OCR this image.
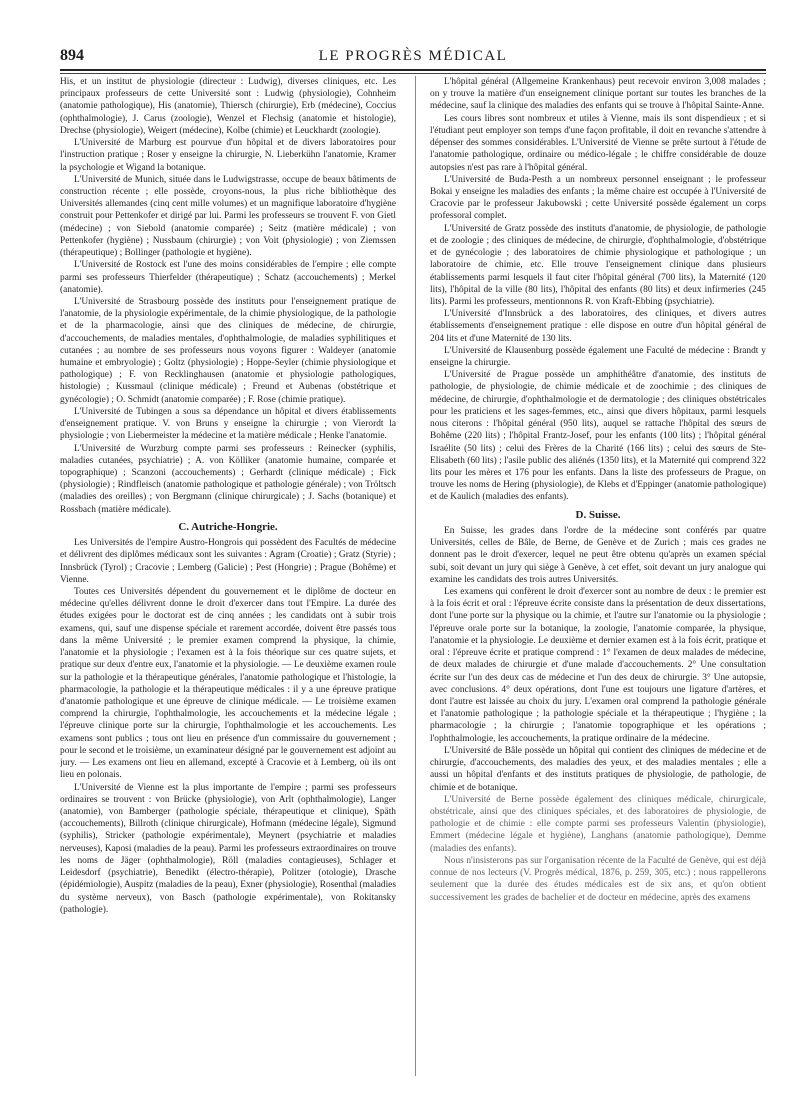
894	LE PROGRÈS MÉDICAL

His, et un institut de physiologie (directeur : Ludwig), diverses cliniques, etc. Les principaux professeurs de cette Université sont : Ludwig (physiologie), Cohnheim (anatomie pathologique), His (anatomie), Thiersch (chirurgie), Erb (médecine), Coccius (ophthalmologie), J. Carus (zoologie), Wenzel et Flechsig (anatomie et histologie), Drechse (physiologie), Weigert (médecine), Kolbe (chimie) et Leuckhardt (zoologie).

L'Université de Marburg est pourvue d'un hôpital et de divers laboratoires pour l'instruction pratique ; Roser y enseigne la chirurgie, N. Lieberkühn l'anatomie, Kramer la psychologie et Wigand la botanique.

L'Université de Munich, située dans le Ludwigstrasse, occupe de beaux bâtiments de construction récente ; elle possède, croyons-nous, la plus riche bibliothèque des Universités allemandes (cinq cent mille volumes) et un magnifique laboratoire d'hygiène construit pour Pettenkofer et dirigé par lui. Parmi les professeurs se trouvent F. von Gietl (médecine) ; von Siebold (anatomie comparée) ; Seitz (matière médicale) ; von Pettenkofer (hygiène) ; Nussbaum (chirurgie) ; von Voit (physiologie) ; von Ziemssen (thérapeutique) ; Bollinger (pathologie et hygiène).

L'Université de Rostock est l'une des moins considérables de l'empire ; elle compte parmi ses professeurs Thierfelder (thérapeutique) ; Schatz (accouchements) ; Merkel (anatomie).

L'Université de Strasbourg possède des instituts pour l'enseignement pratique de l'anatomie, de la physiologie expérimentale, de la chimie physiologique, de la pathologie et de la pharmacologie, ainsi que des cliniques de médecine, de chirurgie, d'accouchements, de maladies mentales, d'ophthalmologie, de maladies syphilitiques et cutanées ; au nombre de ses professeurs nous voyons figurer : Waldeyer (anatomie humaine et embryologie) ; Goltz (physiologie) ; Hoppe-Seyler (chimie physiologique et pathologique) ; F. von Recklinghausen (anatomie et physiologie pathologiques, histologie) ; Kussmaul (clinique médicale) ; Freund et Aubenas (obstétrique et gynécologie) ; O. Schmidt (anatomie comparée) ; F. Rose (chimie pratique).

L'Université de Tubingen a sous sa dépendance un hôpital et divers établissements d'enseignement pratique. V. von Bruns y enseigne la chirurgie ; von Vierordt la physiologie ; von Liebermeister la médecine et la matière médicale ; Henke l'anatomie.

L'Université de Wurzburg compte parmi ses professeurs : Reinecker (syphilis, maladies cutanées, psychiatrie) ; A. von Kölliker (anatomie humaine, comparée et topographique) ; Scanzoni (accouchements) ; Gerhardt (clinique médicale) ; Fick (physiologie) ; Rindfleisch (anatomie pathologique et pathologie générale) ; von Tröltsch (maladies des oreilles) ; von Bergmann (clinique chirurgicale) ; J. Sachs (botanique) et Rossbach (matière médicale).

C. Autriche-Hongrie.

Les Universités de l'empire Austro-Hongrois qui possèdent des Facultés de médecine et délivrent des diplômes médicaux sont les suivantes : Agram (Croatie) ; Gratz (Styrie) ; Innsbrück (Tyrol) ; Cracovie ; Lemberg (Galicie) ; Pest (Hongrie) ; Prague (Bohême) et Vienne.

Toutes ces Universités dépendent du gouvernement et le diplôme de docteur en médecine qu'elles délivrent donne le droit d'exercer dans tout l'Empire. La durée des études exigées pour le doctorat est de cinq années ; les candidats ont à subir trois examens, qui, sauf une dispense spéciale et rarement accordée, doivent être passés tous dans la même Université ; le premier examen comprend la physique, la chimie, l'anatomie et la physiologie ; l'examen est à la fois théorique sur ces quatre sujets, et pratique sur deux d'entre eux, l'anatomie et la physiologie. — Le deuxième examen roule sur la pathologie et la thérapeutique générales, l'anatomie pathologique et l'histologie, la pharmacologie, la pathologie et la thérapeutique médicales : il y a une épreuve pratique d'anatomie pathologique et une épreuve de clinique médicale. — Le troisième examen comprend la chirurgie, l'ophthalmologie, les accouchements et la médecine légale ; l'épreuve clinique porte sur la chirurgie, l'ophthalmologie et les accouchements. Les examens sont publics ; tous ont lieu en présence d'un commissaire du gouvernement ; pour le second et le troisième, un examinateur désigné par le gouvernement est adjoint au jury. — Les examens ont lieu en allemand, excepté à Cracovie et à Lemberg, où ils ont lieu en polonais.

L'Université de Vienne est la plus importante de l'empire ; parmi ses professeurs ordinaires se trouvent : von Brücke (physiologie), von Arlt (ophthalmologie), Langer (anatomie), von Bamberger (pathologie spéciale, thérapeutique et clinique), Späth (accouchements), Billroth (clinique chirurgicale), Hofmann (médecine légale), Sigmund (syphilis), Stricker (pathologie expérimentale), Meynert (psychiatrie et maladies nerveuses), Kaposi (maladies de la peau). Parmi les professeurs extraordinaires on trouve les noms de Jäger (ophthalmologie), Röll (maladies contagieuses), Schlager et Leidesdorf (psychiatrie), Benedikt (électro-thérapie), Politzer (otologie), Drasche (épidémiologie), Auspitz (maladies de la peau), Exner (physiologie), Rosenthal (maladies du système nerveux), von Basch (pathologie expérimentale), von Rokitansky (pathologie).

L'hôpital général (Allgemeine Krankenhaus) peut recevoir environ 3,008 malades ; on y trouve la matière d'un enseignement clinique portant sur toutes les branches de la médecine, sauf la clinique des maladies des enfants qui se trouve à l'hôpital Sainte-Anne.

Les cours libres sont nombreux et utiles à Vienne, mais ils sont dispendieux ; et si l'étudiant peut employer son temps d'une façon profitable, il doit en revanche s'attendre à dépenser des sommes considérables. L'Université de Vienne se prête surtout à l'étude de l'anatomie pathologique, ordinaire ou médico-légale ; le chiffre considérable de douze autopsies n'est pas rare à l'hôpital général.

L'Université de Buda-Pesth a un nombreux personnel enseignant ; le professeur Bokai y enseigne les maladies des enfants ; la même chaire est occupée à l'Université de Cracovie par le professeur Jakubowski ; cette Université possède également un corps professoral complet.

L'Université de Gratz possède des instituts d'anatomie, de physiologie, de pathologie et de zoologie ; des cliniques de médecine, de chirurgie, d'ophthalmologie, d'obstétrique et de gynécologie ; des laboratoires de chimie physiologique et pathologique ; un laboratoire de chimie, etc. Elle trouve l'enseignement clinique dans plusieurs établissements parmi lesquels il faut citer l'hôpital général (700 lits), la Maternité (120 lits), l'hôpital de la ville (80 lits), l'hôpital des enfants (80 lits) et deux infirmeries (245 lits). Parmi les professeurs, mentionnons R. von Kraft-Ebbing (psychiatrie).

L'Université d'Innsbrück a des laboratoires, des cliniques, et divers autres établissements d'enseignement pratique : elle dispose en outre d'un hôpital général de 204 lits et d'une Maternité de 130 lits.

L'Université de Klausenburg possède également une Faculté de médecine : Brandt y enseigne la chirurgie.

L'Université de Prague possède un amphithéâtre d'anatomie, des instituts de pathologie, de physiologie, de chimie médicale et de zoochimie ; des cliniques de médecine, de chirurgie, d'ophthalmologie et de dermatologie ; des cliniques obstétricales pour les praticiens et les sages-femmes, etc., ainsi que divers hôpitaux, parmi lesquels nous citerons : l'hôpital général (950 lits), auquel se rattache l'hôpital des sœurs de Bohême (220 lits) ; l'hôpital Frantz-Josef, pour les enfants (100 lits) ; l'hôpital général Israélite (50 lits) ; celui des Frères de la Charité (166 lits) ; celui des sœurs de Ste-Elisabeth (60 lits) ; l'asile public des aliénés (1350 lits), et la Maternité qui comprend 322 lits pour les mères et 176 pour les enfants. Dans la liste des professeurs de Prague, on trouve les noms de Hering (physiologie), de Klebs et d'Eppinger (anatomie pathologique) et de Kaulich (maladies des enfants).

D. Suisse.

En Suisse, les grades dans l'ordre de la médecine sont conférés par quatre Universités, celles de Bâle, de Berne, de Genève et de Zurich ; mais ces grades ne donnent pas le droit d'exercer, lequel ne peut être obtenu qu'après un examen spécial subi, soit devant un jury qui siège à Genève, à cet effet, soit devant un jury analogue qui examine les candidats des trois autres Universités.

Les examens qui confèrent le droit d'exercer sont au nombre de deux : le premier est à la fois écrit et oral : l'épreuve écrite consiste dans la présentation de deux dissertations, dont l'une porte sur la physique ou la chimie, et l'autre sur l'anatomie ou la physiologie ; l'épreuve orale porte sur la botanique, la zoologie, l'anatomie comparée, la physique, l'anatomie et la physiologie. Le deuxième et dernier examen est à la fois écrit, pratique et oral : l'épreuve écrite et pratique comprend : 1° l'examen de deux malades de médecine, de deux malades de chirurgie et d'une malade d'accouchements. 2° Une consultation écrite sur l'un des deux cas de médecine et l'un des deux de chirurgie. 3° Une autopsie, avec conclusions. 4° deux opérations, dont l'une est toujours une ligature d'artères, et dont l'autre est laissée au choix du jury. L'examen oral comprend la pathologie générale et l'anatomie pathologique ; la pathologie spéciale et la thérapeutique ; l'hygiène ; la pharmacologie ; la chirurgie ; l'anatomie topographique et les opérations ; l'ophthalmologie, les accouchements, la pratique ordinaire de la médecine.

L'Université de Bâle possède un hôpital qui contient des cliniques de médecine et de chirurgie, d'accouchements, des maladies des yeux, et des maladies mentales ; elle a aussi un hôpital d'enfants et des instituts pratiques de physiologie, de pathologie, de chimie et de botanique.

L'Université de Berne possède également des cliniques médicale, chirurgicale, obstétricale, ainsi que des cliniques spéciales, et des laboratoires de physiologie, de pathologie et de chimie : elle compte parmi ses professeurs Valentin (physiologie), Emmert (médecine légale et hygiène), Langhans (anatomie pathologique), Demme (maladies des enfants).

Nous n'insisterons pas sur l'organisation récente de la Faculté de Genève, qui est déjà connue de nos lecteurs (V. Progrès médical, 1876, p. 259, 305, etc.) ; nous rappellerons seulement que la durée des études médicales est de six ans, et qu'on obtient successivement les grades de bachelier et de docteur en médecine, après des examens
